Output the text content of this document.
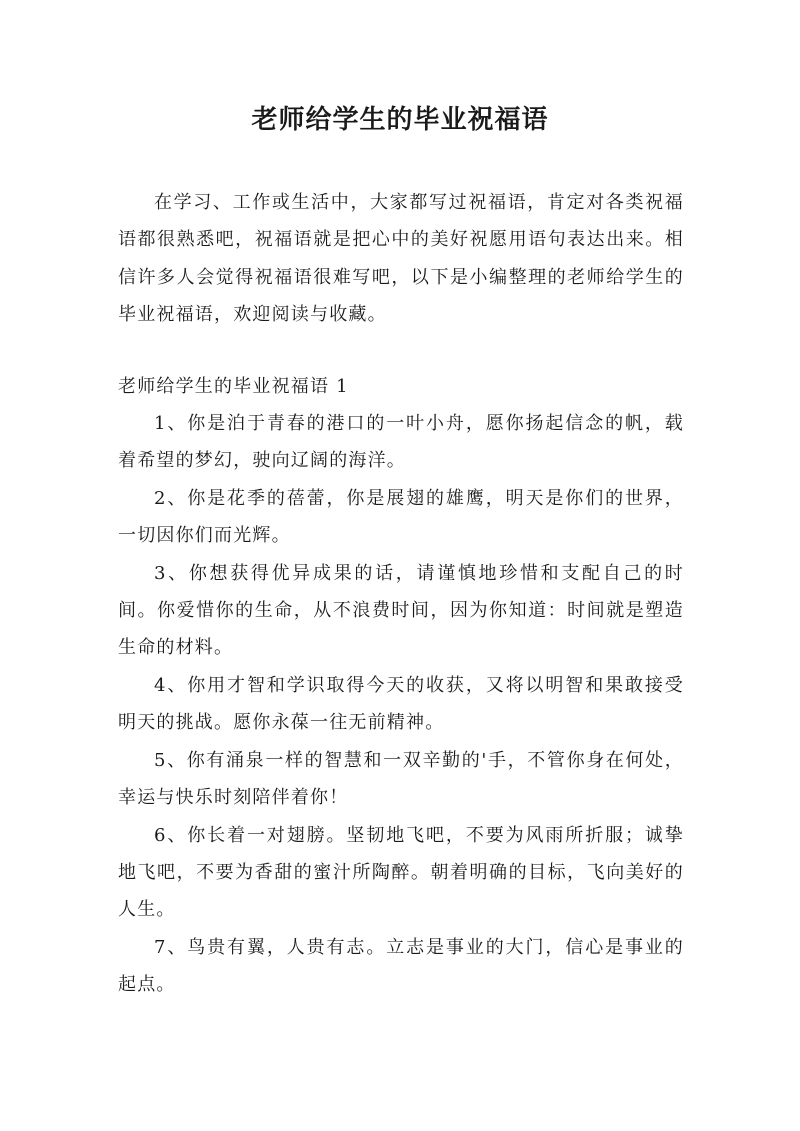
老师给学生的毕业祝福语

在学习、工作或生活中，大家都写过祝福语，肯定对各类祝福语都很熟悉吧，祝福语就是把心中的美好祝愿用语句表达出来。相信许多人会觉得祝福语很难写吧，以下是小编整理的老师给学生的毕业祝福语，欢迎阅读与收藏。

老师给学生的毕业祝福语 1

1、你是泊于青春的港口的一叶小舟，愿你扬起信念的帆，载着希望的梦幻，驶向辽阔的海洋。

2、你是花季的蓓蕾，你是展翅的雄鹰，明天是你们的世界，一切因你们而光辉。

3、你想获得优异成果的话，请谨慎地珍惜和支配自己的时间。你爱惜你的生命，从不浪费时间，因为你知道：时间就是塑造生命的材料。

4、你用才智和学识取得今天的收获，又将以明智和果敢接受明天的挑战。愿你永葆一往无前精神。

5、你有涌泉一样的智慧和一双辛勤的'手，不管你身在何处，幸运与快乐时刻陪伴着你！

6、你长着一对翅膀。坚韧地飞吧，不要为风雨所折服；诚挚地飞吧，不要为香甜的蜜汁所陶醉。朝着明确的目标，飞向美好的人生。

7、鸟贵有翼，人贵有志。立志是事业的大门，信心是事业的起点。
